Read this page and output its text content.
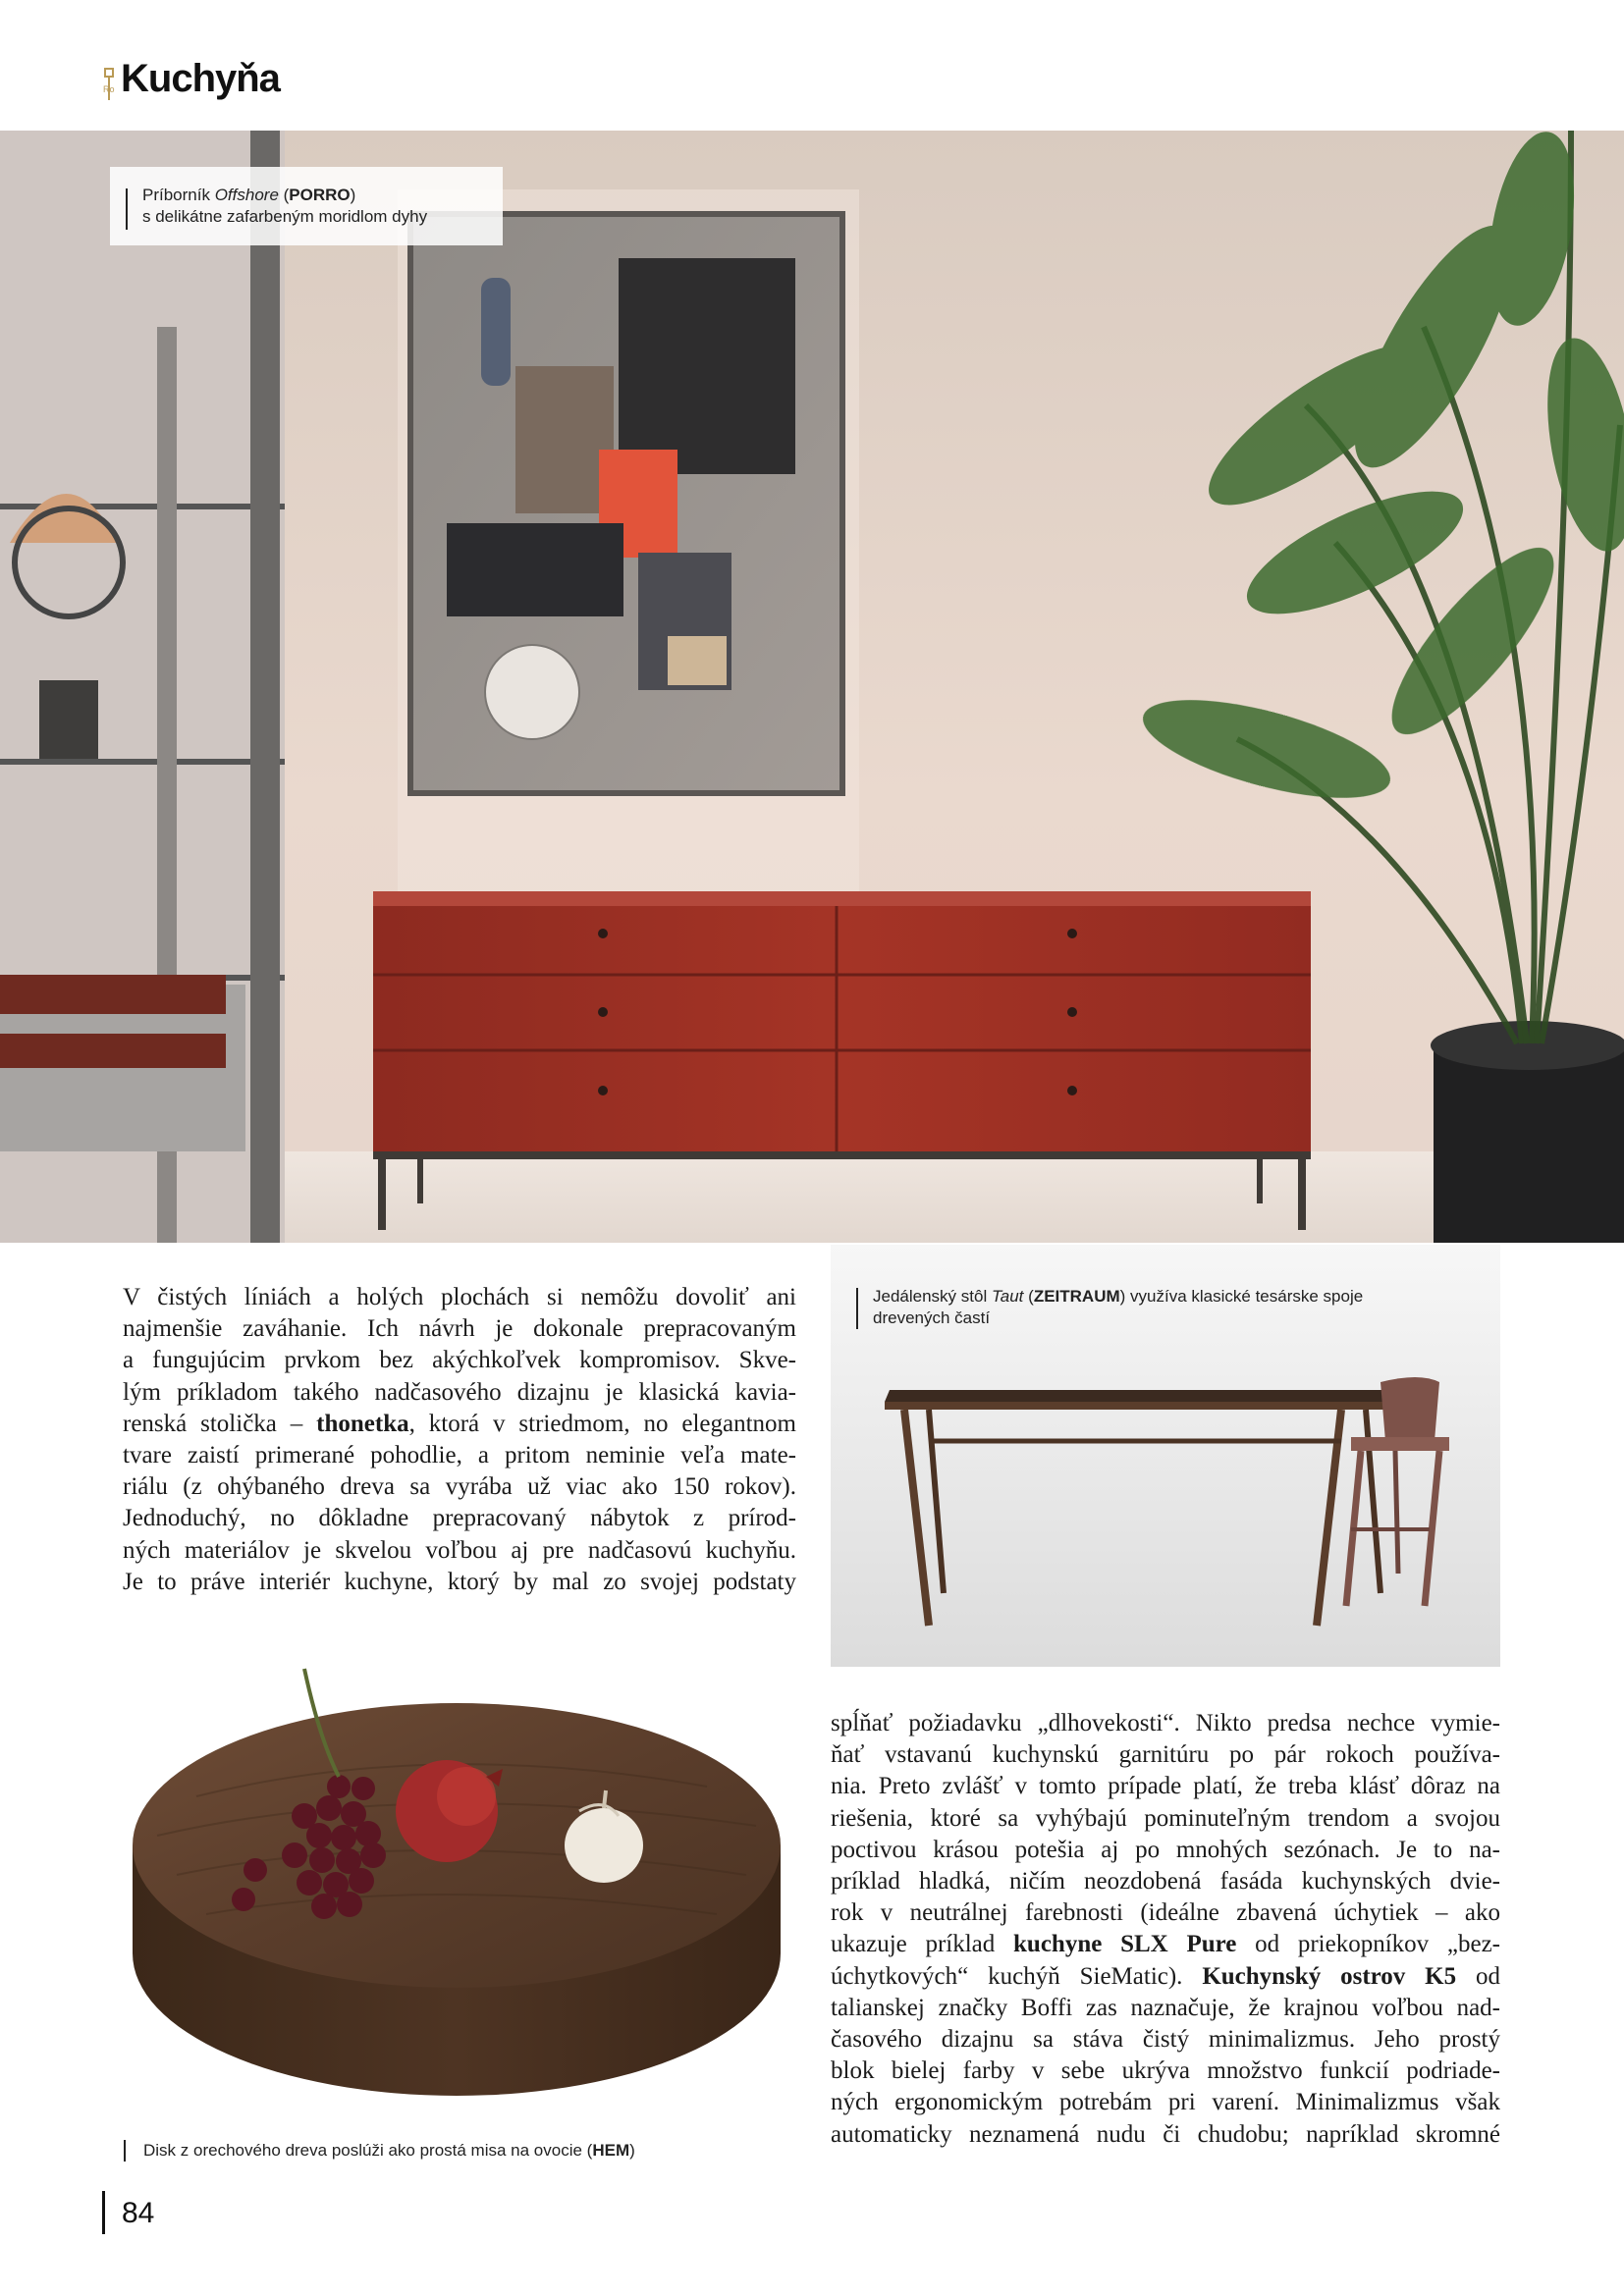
Ro Kuchyňa
Príborník Offshore (PORRO)
s delikátne zafarbeným moridlom dyhy
V čistých líniách a holých plochách si nemôžu dovoliť ani
najmenšie zaváhanie. Ich návrh je dokonale prepracovaným
a fungujúcim prvkom bez akýchkoľvek kompromisov. Skve-
lým príkladom takého nadčasového dizajnu je klasická kavia-
renská stolička – thonetka, ktorá v striedmom, no elegantnom
tvare zaistí primerané pohodlie, a pritom neminie veľa mate-
riálu (z ohýbaného dreva sa vyrába už viac ako 150 rokov).
Jednoduchý, no dôkladne prepracovaný nábytok z prírod-
ných materiálov je skvelou voľbou aj pre nadčasovú kuchyňu.
Je to práve interiér kuchyne, ktorý by mal zo svojej podstaty
Jedálenský stôl Taut (ZEITRAUM) využíva klasické tesárske spoje
drevených častí
Disk z orechového dreva poslúži ako prostá misa na ovocie (HEM)
spĺňať požiadavku „dlhovekosti“. Nikto predsa nechce vymie-
ňať vstavanú kuchynskú garnitúru po pár rokoch používa-
nia. Preto zvlášť v tomto prípade platí, že treba klásť dôraz na
riešenia, ktoré sa vyhýbajú pominuteľným trendom a svojou
poctivou krásou potešia aj po mnohých sezónach. Je to na-
príklad hladká, ničím neozdobená fasáda kuchynských dvie-
rok v neutrálnej farebnosti (ideálne zbavená úchytiek – ako
ukazuje príklad kuchyne SLX Pure od priekopníkov „bez-
úchytkových“ kuchýň SieMatic). Kuchynský ostrov K5 od
talianskej značky Boffi zas naznačuje, že krajnou voľbou nad-
časového dizajnu sa stáva čistý minimalizmus. Jeho prostý
blok bielej farby v sebe ukrýva množstvo funkcií podriade-
ných ergonomickým potrebám pri varení. Minimalizmus však
automaticky neznamená nudu či chudobu; napríklad skromné
84
